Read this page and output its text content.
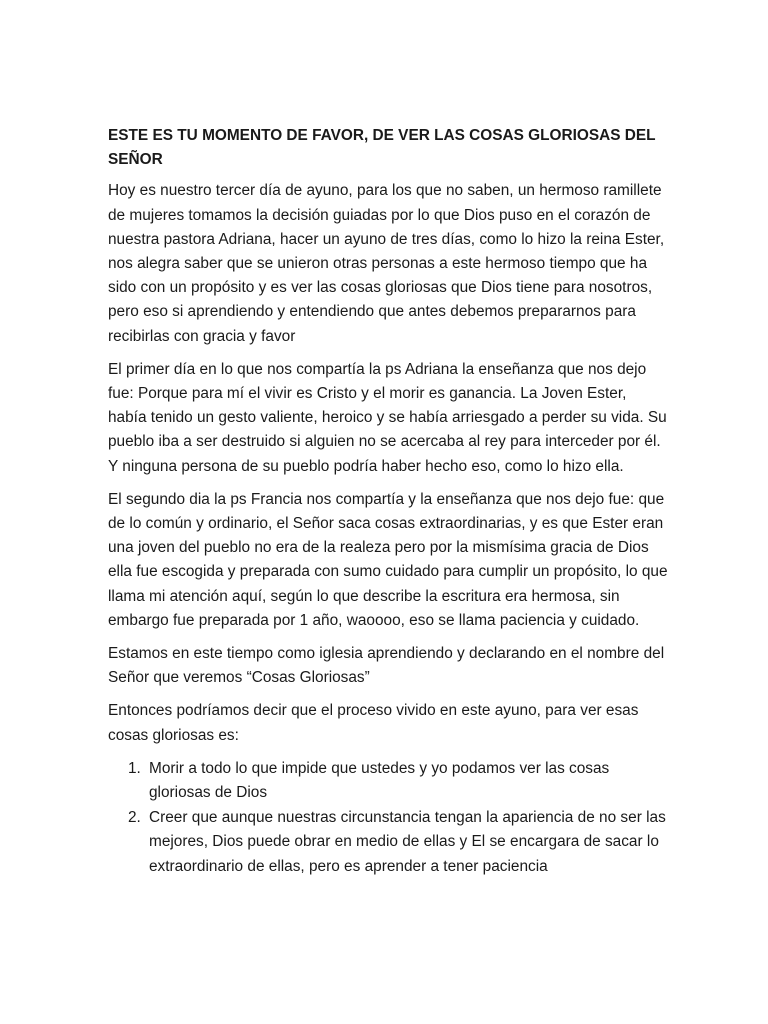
ESTE ES TU MOMENTO DE FAVOR, DE VER LAS COSAS GLORIOSAS DEL SEÑOR

Hoy es nuestro tercer día de ayuno, para los que no saben, un hermoso ramillete de mujeres tomamos la decisión guiadas por lo que Dios puso en el corazón de nuestra pastora Adriana, hacer un ayuno de tres días, como lo hizo la reina Ester, nos alegra saber que se unieron otras personas a este hermoso tiempo que ha sido con un propósito y es ver las cosas gloriosas que Dios tiene para nosotros, pero eso si aprendiendo y entendiendo que antes debemos prepararnos para recibirlas con gracia y favor

El primer día en lo que nos compartía la ps Adriana la enseñanza que nos dejo fue: Porque para mí el vivir es Cristo y el morir es ganancia. La Joven Ester, había tenido un gesto valiente, heroico y se había arriesgado a perder su vida. Su pueblo iba a ser destruido si alguien no se acercaba al rey para interceder por él. Y ninguna persona de su pueblo podría haber hecho eso, como lo hizo ella.

El segundo dia la ps Francia nos compartía y la enseñanza que nos dejo fue: que de lo común y ordinario, el Señor saca cosas extraordinarias, y es que Ester eran una joven del pueblo no era de la realeza pero por la mismísima gracia de Dios ella fue escogida y preparada con sumo cuidado para cumplir un propósito, lo que llama mi atención aquí, según lo que describe la escritura era hermosa, sin embargo fue preparada por 1 año, waoooo, eso se llama paciencia y cuidado.

Estamos en este tiempo como iglesia aprendiendo y declarando en el nombre del Señor que veremos “Cosas Gloriosas”

Entonces podríamos decir que el proceso vivido en este ayuno, para ver esas cosas gloriosas es:

1. Morir a todo lo que impide que ustedes y yo podamos ver las cosas gloriosas de Dios
2. Creer que aunque nuestras circunstancia tengan la apariencia de no ser las mejores, Dios puede obrar en medio de ellas y El se encargara de sacar lo extraordinario de ellas, pero es aprender a tener paciencia
